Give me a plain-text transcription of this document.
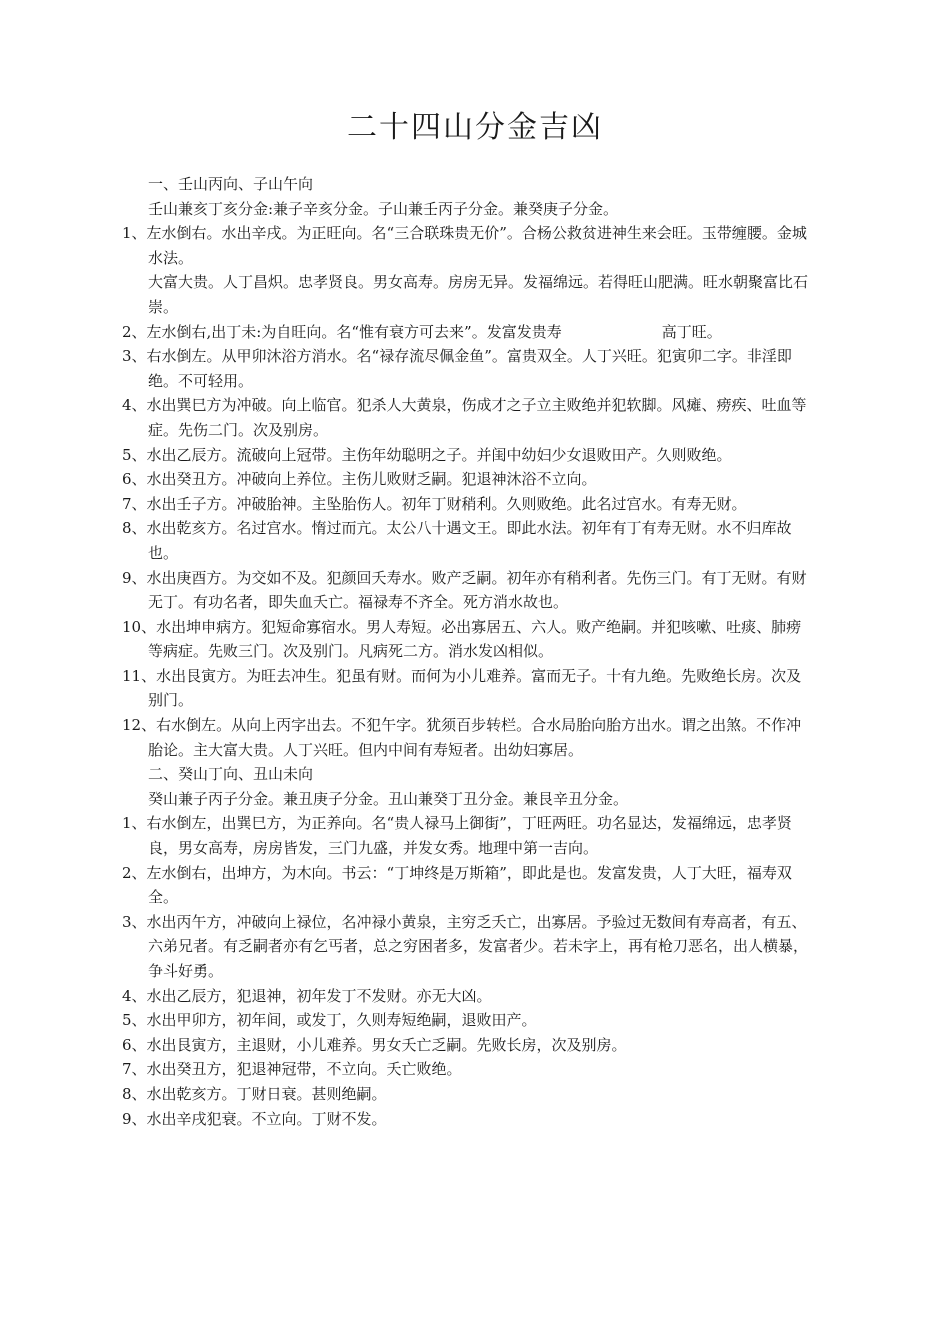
二十四山分金吉凶

一、壬山丙向、子山午向

壬山兼亥丁亥分金:兼子辛亥分金。子山兼壬丙子分金。兼癸庚子分金。

1、左水倒右。水出辛戌。为正旺向。名“三合联珠贵无价”。合杨公救贫进神生来会旺。玉带缠腰。金城水法。

大富大贵。人丁昌炽。忠孝贤良。男女高寿。房房无异。发福绵远。若得旺山肥满。旺水朝聚富比石崇。

2、左水倒右,出丁未:为自旺向。名“惟有衰方可去来”。发富发贵寿	高丁旺。

3、右水倒左。从甲卯沐浴方消水。名“禄存流尽佩金鱼”。富贵双全。人丁兴旺。犯寅卯二字。非淫即绝。不可轻用。

4、水出巽巳方为冲破。向上临官。犯杀人大黄泉，伤成才之子立主败绝并犯软脚。风瘫、痨疾、吐血等症。先伤二门。次及别房。

5、水出乙辰方。流破向上冠带。主伤年幼聪明之子。并闺中幼妇少女退败田产。久则败绝。

6、水出癸丑方。冲破向上养位。主伤儿败财乏嗣。犯退神沐浴不立向。

7、水出壬子方。冲破胎神。主坠胎伤人。初年丁财稍利。久则败绝。此名过宫水。有寿无财。

8、水出乾亥方。名过宫水。惰过而亢。太公八十遇文王。即此水法。初年有丁有寿无财。水不归库故也。

9、水出庚酉方。为交如不及。犯颜回夭寿水。败产乏嗣。初年亦有稍利者。先伤三门。有丁无财。有财无丁。有功名者，即失血夭亡。福禄寿不齐全。死方消水故也。

10、水出坤申病方。犯短命寡宿水。男人寿短。必出寡居五、六人。败产绝嗣。并犯咳嗽、吐痰、肺痨等病症。先败三门。次及别门。凡病死二方。消水发凶相似。

11、水出艮寅方。为旺去冲生。犯虽有财。而何为小儿难养。富而无子。十有九绝。先败绝长房。次及别门。

12、右水倒左。从向上丙字出去。不犯午字。犹须百步转栏。合水局胎向胎方出水。谓之出煞。不作冲胎论。主大富大贵。人丁兴旺。但内中间有寿短者。出幼妇寡居。

二、癸山丁向、丑山未向

癸山兼子丙子分金。兼丑庚子分金。丑山兼癸丁丑分金。兼艮辛丑分金。

1、右水倒左，出巽巳方，为正养向。名“贵人禄马上御街”，丁旺两旺。功名显达，发福绵远，忠孝贤良，男女高寿，房房皆发，三门九盛，并发女秀。地理中第一吉向。

2、左水倒右，出坤方，为木向。书云：“丁坤终是万斯箱”，即此是也。发富发贵，人丁大旺，福寿双全。

3、水出丙午方，冲破向上禄位，名冲禄小黄泉，主穷乏夭亡，出寡居。予验过无数间有寿高者，有五、六弟兄者。有乏嗣者亦有乞丐者，总之穷困者多，发富者少。若未字上，再有枪刀恶名，出人横暴，争斗好勇。

4、水出乙辰方，犯退神，初年发丁不发财。亦无大凶。

5、水出甲卯方，初年间，或发丁，久则寿短绝嗣，退败田产。

6、水出艮寅方，主退财，小儿难养。男女夭亡乏嗣。先败长房，次及别房。

7、水出癸丑方，犯退神冠带，不立向。夭亡败绝。

8、水出乾亥方。丁财日衰。甚则绝嗣。

9、水出辛戌犯衰。不立向。丁财不发。
